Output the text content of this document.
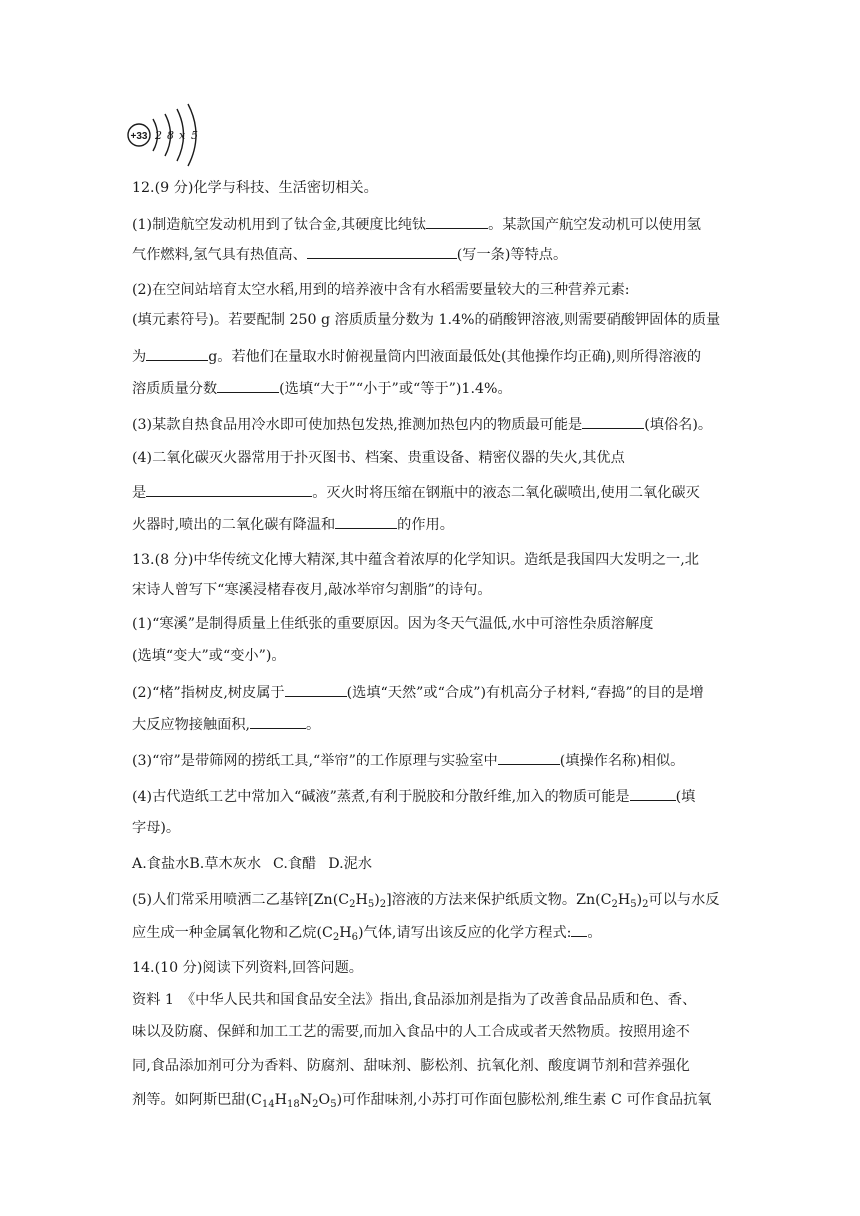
+33 2 8 x 5
12.(9 分)化学与科技、生活密切相关。
(1)制造航空发动机用到了钛合金,其硬度比纯钛	。某款国产航空发动机可以使用氢
气作燃料,氢气具有热值高、	(写一条)等特点。
(2)在空间站培育太空水稻,用到的培养液中含有水稻需要量较大的三种营养元素:
(填元素符号)。若要配制 250 g 溶质质量分数为 1.4%的硝酸钾溶液,则需要硝酸钾固体的质量
为	g。若他们在量取水时俯视量筒内凹液面最低处(其他操作均正确),则所得溶液的
溶质质量分数	(选填“大于”“小于”或“等于”)1.4%。
(3)某款自热食品用冷水即可使加热包发热,推测加热包内的物质最可能是	(填俗名)。
(4)二氧化碳灭火器常用于扑灭图书、档案、贵重设备、精密仪器的失火,其优点
是	。灭火时将压缩在钢瓶中的液态二氧化碳喷出,使用二氧化碳灭
火器时,喷出的二氧化碳有降温和	的作用。
13.(8 分)中华传统文化博大精深,其中蕴含着浓厚的化学知识。造纸是我国四大发明之一,北
宋诗人曾写下“寒溪浸楮春夜月,敲冰举帘匀割脂”的诗句。
(1)“寒溪”是制得质量上佳纸张的重要原因。因为冬天气温低,水中可溶性杂质溶解度
(选填“变大”或“变小”)。
(2)“楮”指树皮,树皮属于	(选填“天然”或“合成”)有机高分子材料,“舂捣”的目的是增
大反应物接触面积,	。
(3)“帘”是带筛网的捞纸工具,“举帘”的工作原理与实验室中	(填操作名称)相似。
(4)古代造纸工艺中常加入“碱液”蒸煮,有利于脱胶和分散纤维,加入的物质可能是	(填
字母)。
A.食盐水B.草木灰水 C.食醋 D.泥水
(5)人们常采用喷洒二乙基锌$[Zn(C_2H_5)_2]$溶液的方法来保护纸质文物。$Zn(C_2H_5)_2$可以与水反
应生成一种金属氧化物和乙烷$(C_2H_6)$气体,请写出该反应的化学方程式: 。
14.(10 分)阅读下列资料,回答问题。
资料 1　《中华人民共和国食品安全法》指出,食品添加剂是指为了改善食品品质和色、香、
味以及防腐、保鲜和加工工艺的需要,而加入食品中的人工合成或者天然物质。按照用途不
同,食品添加剂可分为香料、防腐剂、甜味剂、膨松剂、抗氧化剂、酸度调节剂和营养强化
剂等。如阿斯巴甜$(C_{14}H_{18}N_2O_5)$可作甜味剂,小苏打可作面包膨松剂,维生素 C 可作食品抗氧
